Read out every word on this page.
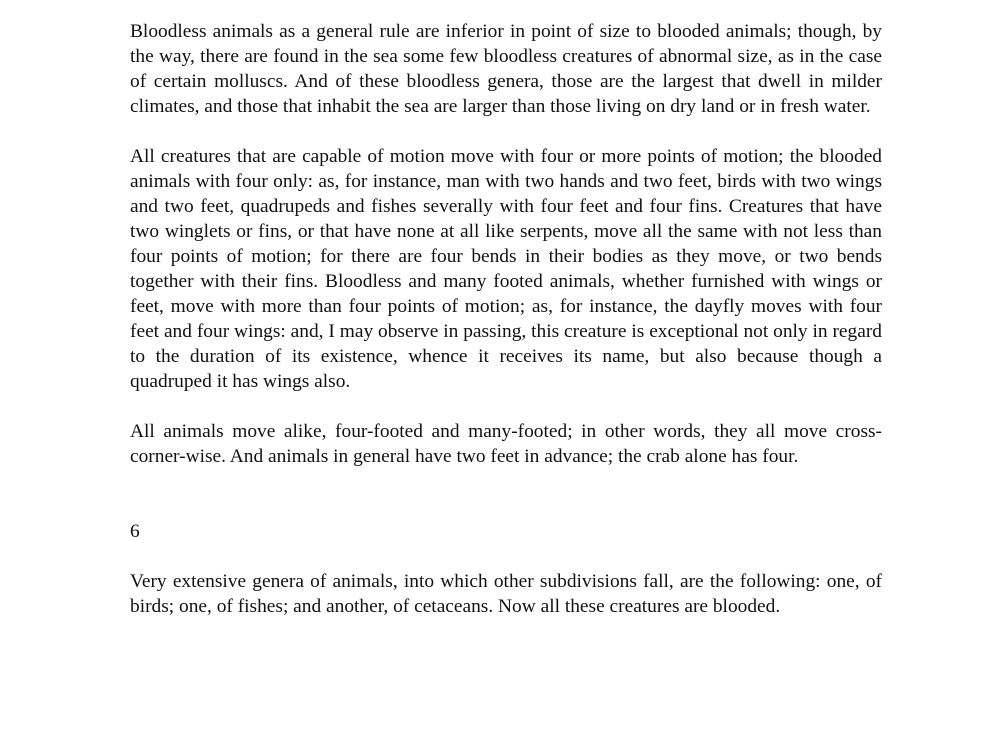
Bloodless animals as a general rule are inferior in point of size to blooded animals; though, by the way, there are found in the sea some few bloodless creatures of abnormal size, as in the case of certain molluscs. And of these bloodless genera, those are the largest that dwell in milder climates, and those that inhabit the sea are larger than those living on dry land or in fresh water.

All creatures that are capable of motion move with four or more points of motion; the blooded animals with four only: as, for instance, man with two hands and two feet, birds with two wings and two feet, quadrupeds and fishes severally with four feet and four fins. Creatures that have two winglets or fins, or that have none at all like serpents, move all the same with not less than four points of motion; for there are four bends in their bodies as they move, or two bends together with their fins. Bloodless and many footed animals, whether furnished with wings or feet, move with more than four points of motion; as, for instance, the dayfly moves with four feet and four wings: and, I may observe in passing, this creature is exceptional not only in regard to the duration of its existence, whence it receives its name, but also because though a quadruped it has wings also.

All animals move alike, four-footed and many-footed; in other words, they all move cross-corner-wise. And animals in general have two feet in advance; the crab alone has four.

6

Very extensive genera of animals, into which other subdivisions fall, are the following: one, of birds; one, of fishes; and another, of cetaceans. Now all these creatures are blooded.
